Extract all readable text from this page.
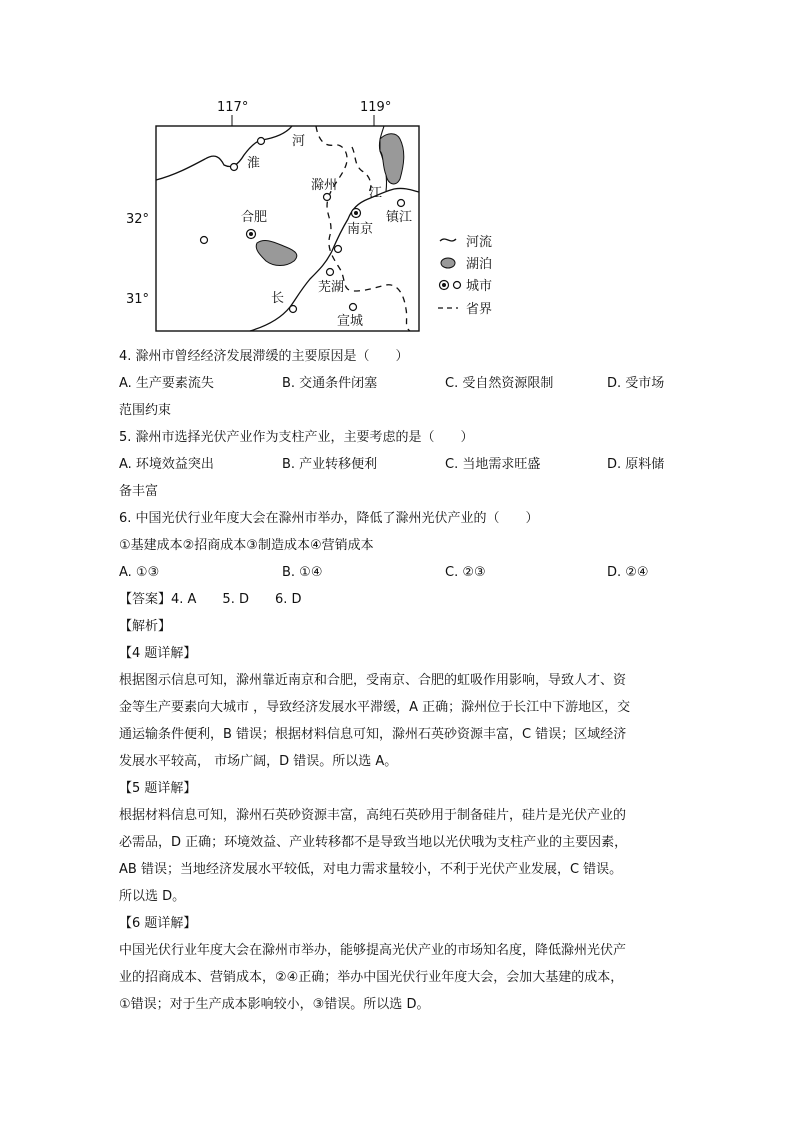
117°	119°
32°
31°
河
淮
滁州
江
合肥
南京
镇江
芜湖
长
宣城
河流
湖泊
城市
省界
4. 滁州市曾经经济发展滞缓的主要原因是（　　）
A. 生产要素流失	B. 交通条件闭塞	C. 受自然资源限制	D. 受市场
范围约束
5. 滁州市选择光伏产业作为支柱产业，主要考虑的是（　　）
A. 环境效益突出	B. 产业转移便利	C. 当地需求旺盛	D. 原料储
备丰富
6. 中国光伏行业年度大会在滁州市举办，降低了滁州光伏产业的（　　）
①基建成本②招商成本③制造成本④营销成本
A. ①③	B. ①④	C. ②③	D. ②④
【答案】4. A　　5. D　　6. D
【解析】
【4 题详解】
根据图示信息可知，滁州靠近南京和合肥，受南京、合肥的虹吸作用影响，导致人才、资
金等生产要素向大城市 ，导致经济发展水平滞缓，A 正确；滁州位于长江中下游地区，交
通运输条件便利，B 错误；根据材料信息可知，滁州石英砂资源丰富，C 错误；区域经济
发展水平较高， 市场广阔，D 错误。所以选 A。
【5 题详解】
根据材料信息可知，滁州石英砂资源丰富，高纯石英砂用于制备硅片，硅片是光伏产业的
必需品，D 正确；环境效益、产业转移都不是导致当地以光伏哦为支柱产业的主要因素，
AB 错误；当地经济发展水平较低，对电力需求量较小，不利于光伏产业发展，C 错误。
所以选 D。
【6 题详解】
中国光伏行业年度大会在滁州市举办，能够提高光伏产业的市场知名度，降低滁州光伏产
业的招商成本、营销成本，②④正确；举办中国光伏行业年度大会，会加大基建的成本，
①错误；对于生产成本影响较小，③错误。所以选 D。
